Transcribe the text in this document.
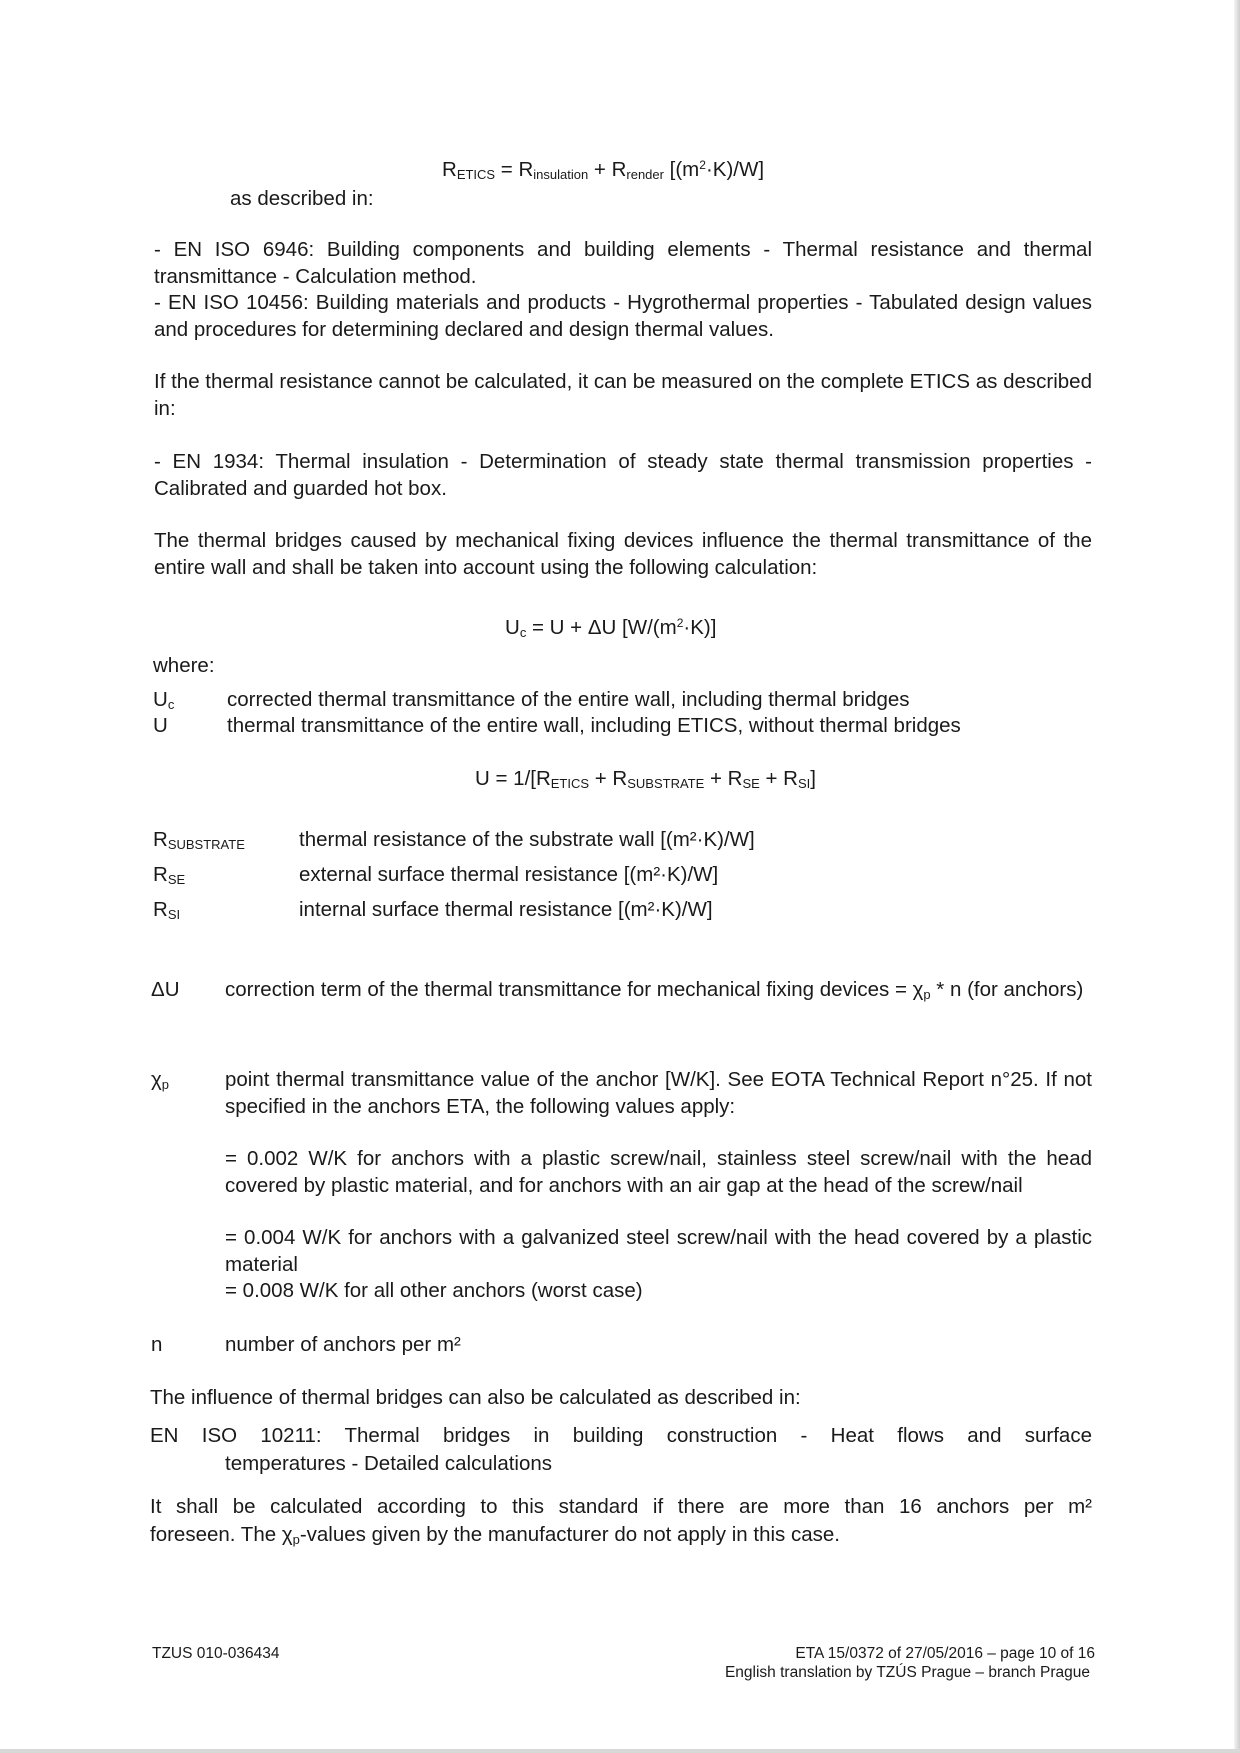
$R_{ETICS} = R_{insulation} + R_{render}$ $[(m^2\cdot K)/W]$
as described in:
- EN ISO 6946: Building components and building elements - Thermal resistance and thermal transmittance - Calculation method.
- EN ISO 10456: Building materials and products - Hygrothermal properties - Tabulated design values and procedures for determining declared and design thermal values.
If the thermal resistance cannot be calculated, it can be measured on the complete ETICS as described in:
- EN 1934: Thermal insulation - Determination of steady state thermal transmission properties - Calibrated and guarded hot box.
The thermal bridges caused by mechanical fixing devices influence the thermal transmittance of the entire wall and shall be taken into account using the following calculation:
$U_c = U + \Delta U$ $[W/(m^2\cdot K)]$
where:
$U_c$	corrected thermal transmittance of the entire wall, including thermal bridges
U	thermal transmittance of the entire wall, including ETICS, without thermal bridges
$U = 1/[R_{ETICS} + R_{SUBSTRATE} + R_{SE} + R_{SI}]$
$R_{SUBSTRATE}$	thermal resistance of the substrate wall [(m²·K)/W]
$R_{SE}$	external surface thermal resistance [(m²·K)/W]
$R_{SI}$	internal surface thermal resistance [(m²·K)/W]
ΔU correction term of the thermal transmittance for mechanical fixing devices = $\chi_p$ * n (for anchors)
$\chi_p$	point thermal transmittance value of the anchor [W/K]. See EOTA Technical Report n°25. If not specified in the anchors ETA, the following values apply:
= 0.002 W/K for anchors with a plastic screw/nail, stainless steel screw/nail with the head covered by plastic material, and for anchors with an air gap at the head of the screw/nail
= 0.004 W/K for anchors with a galvanized steel screw/nail with the head covered by a plastic material
= 0.008 W/K for all other anchors (worst case)
n	number of anchors per m²
The influence of thermal bridges can also be calculated as described in:
EN ISO 10211: Thermal bridges in building construction - Heat flows and surface
temperatures - Detailed calculations
It shall be calculated according to this standard if there are more than 16 anchors per m²
foreseen. The $\chi_p$-values given by the manufacturer do not apply in this case.
TZUS 010-036434	ETA 15/0372 of 27/05/2016 – page 10 of 16
English translation by TZÚS Prague – branch Prague
